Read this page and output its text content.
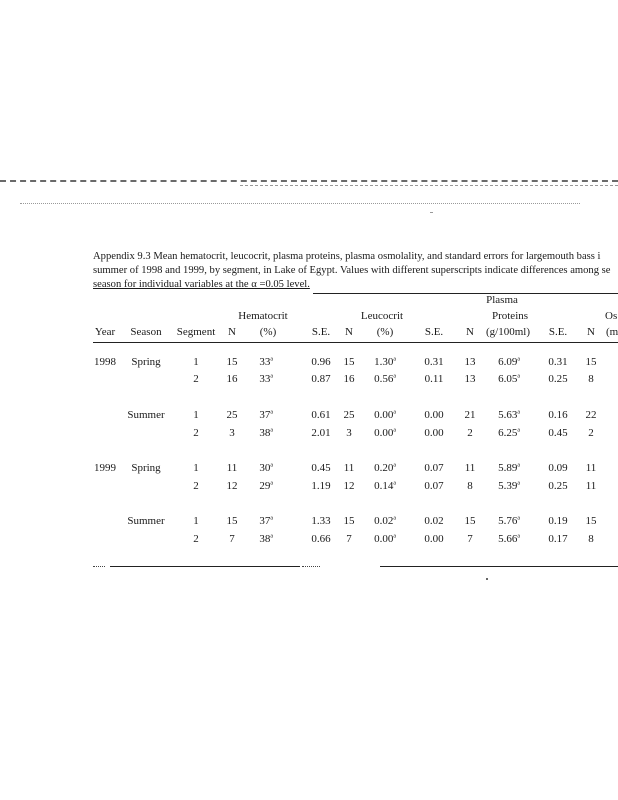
Appendix 9.3 Mean hematocrit, leucocrit, plasma proteins, plasma osmolality, and standard errors for largemouth bass i
summer of 1998 and 1999, by segment, in Lake of Egypt. Values with different superscripts indicate differences among se
season for individual variables at the α =0.05 level.
Plasma
Hematocrit	Leucocrit	Proteins	Os
Year Season Segment N (%)	S.E. N (%)	S.E. N (g/100ml) S.E. N (m
1998 Spring	1	15 33$^a$	0.96 15 1.30$^a$	0.31 13 6.09$^a$	0.31 15
2	16 33$^a$	0.87 16 0.56$^a$	0.11 13 6.05$^a$	0.25 8
Summer	1	25 37$^a$	0.61 25 0.00$^a$	0.00 21 5.63$^a$	0.16 22
2	3 38$^a$	2.01 3 0.00$^a$	0.00 2 6.25$^a$	0.45 2
1999 Spring	1	11 30$^a$	0.45 11 0.20$^a$	0.07 11 5.89$^a$	0.09 11
2	12 29$^a$	1.19 12 0.14$^a$	0.07 8 5.39$^a$	0.25 11
Summer	1	15 37$^a$	1.33 15 0.02$^a$	0.02 15 5.76$^a$	0.19 15
2	7 38$^a$	0.66 7 0.00$^a$	0.00 7 5.66$^a$	0.17 8
